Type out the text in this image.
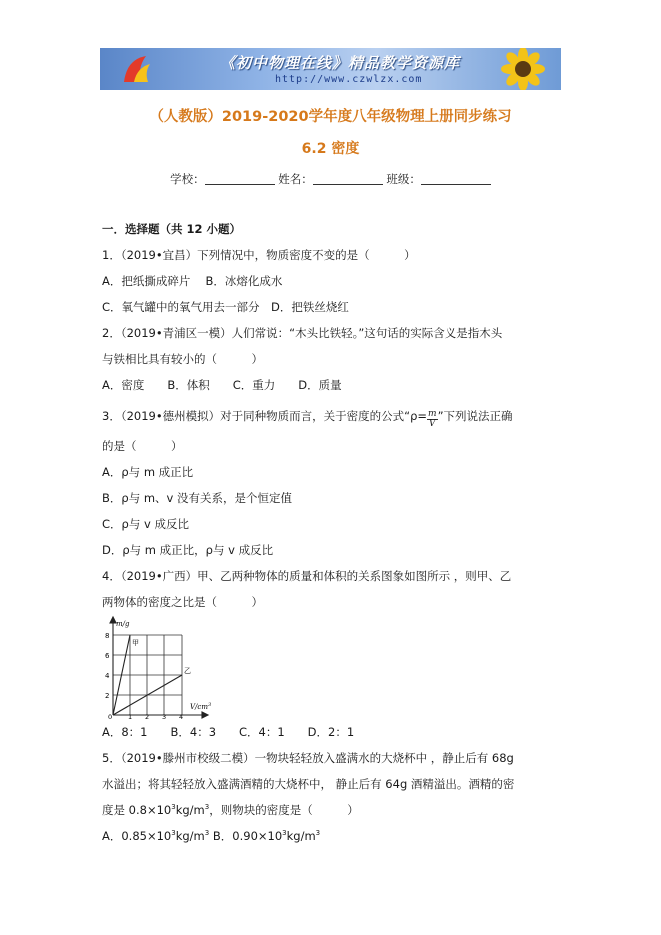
《初中物理在线》精品教学资源库
http://www.czwlzx.com
（人教版）2019-2020学年度八年级物理上册同步练习
6.2 密度
学校：	姓名：	班级：
一．选择题（共 12 小题）
1．（2019•宜昌）下列情况中，物质密度不变的是（　　　）
A．把纸撕成碎片　 B．冰熔化成水
C．氧气罐中的氧气用去一部分　D．把铁丝烧红
2．（2019•青浦区一模）人们常说：“木头比铁轻。”这句话的实际含义是指木头
与铁相比具有较小的（　　　）
A．密度　　B．体积　　C．重力　　D．质量
3．（2019•德州模拟）对于同种物质而言，关于密度的公式“$\rho= \frac{m}{V}$ ”下列说法正确
的是（　　　）
A．ρ与 m 成正比
B．ρ与 m、v 没有关系，是个恒定值
C．ρ与 v 成反比
D．ρ与 m 成正比，ρ与 v 成反比
4．（2019•广西）甲、乙两种物体的质量和体积的关系图象如图所示 ，则甲、乙
两物体的密度之比是（　　　）
m/g
$V/cm^3$
8
6
4
2
0 1 2 3 4
甲
乙
A．8：1　　B．4：3　　C．4：1　　D．2：1
5．（2019•滕州市校级二模）一物块轻轻放入盛满水的大烧杯中 ，静止后有 68g
水溢出；将其轻轻放入盛满酒精的大烧杯中， 静止后有 64g 酒精溢出。酒精的密
度是 $0.8\times 10^3kg/m^3$，则物块的密度是（　　　）
A．$0.85\times 10^3kg/m^3$ B．$0.90\times 10^3kg/m^3$
